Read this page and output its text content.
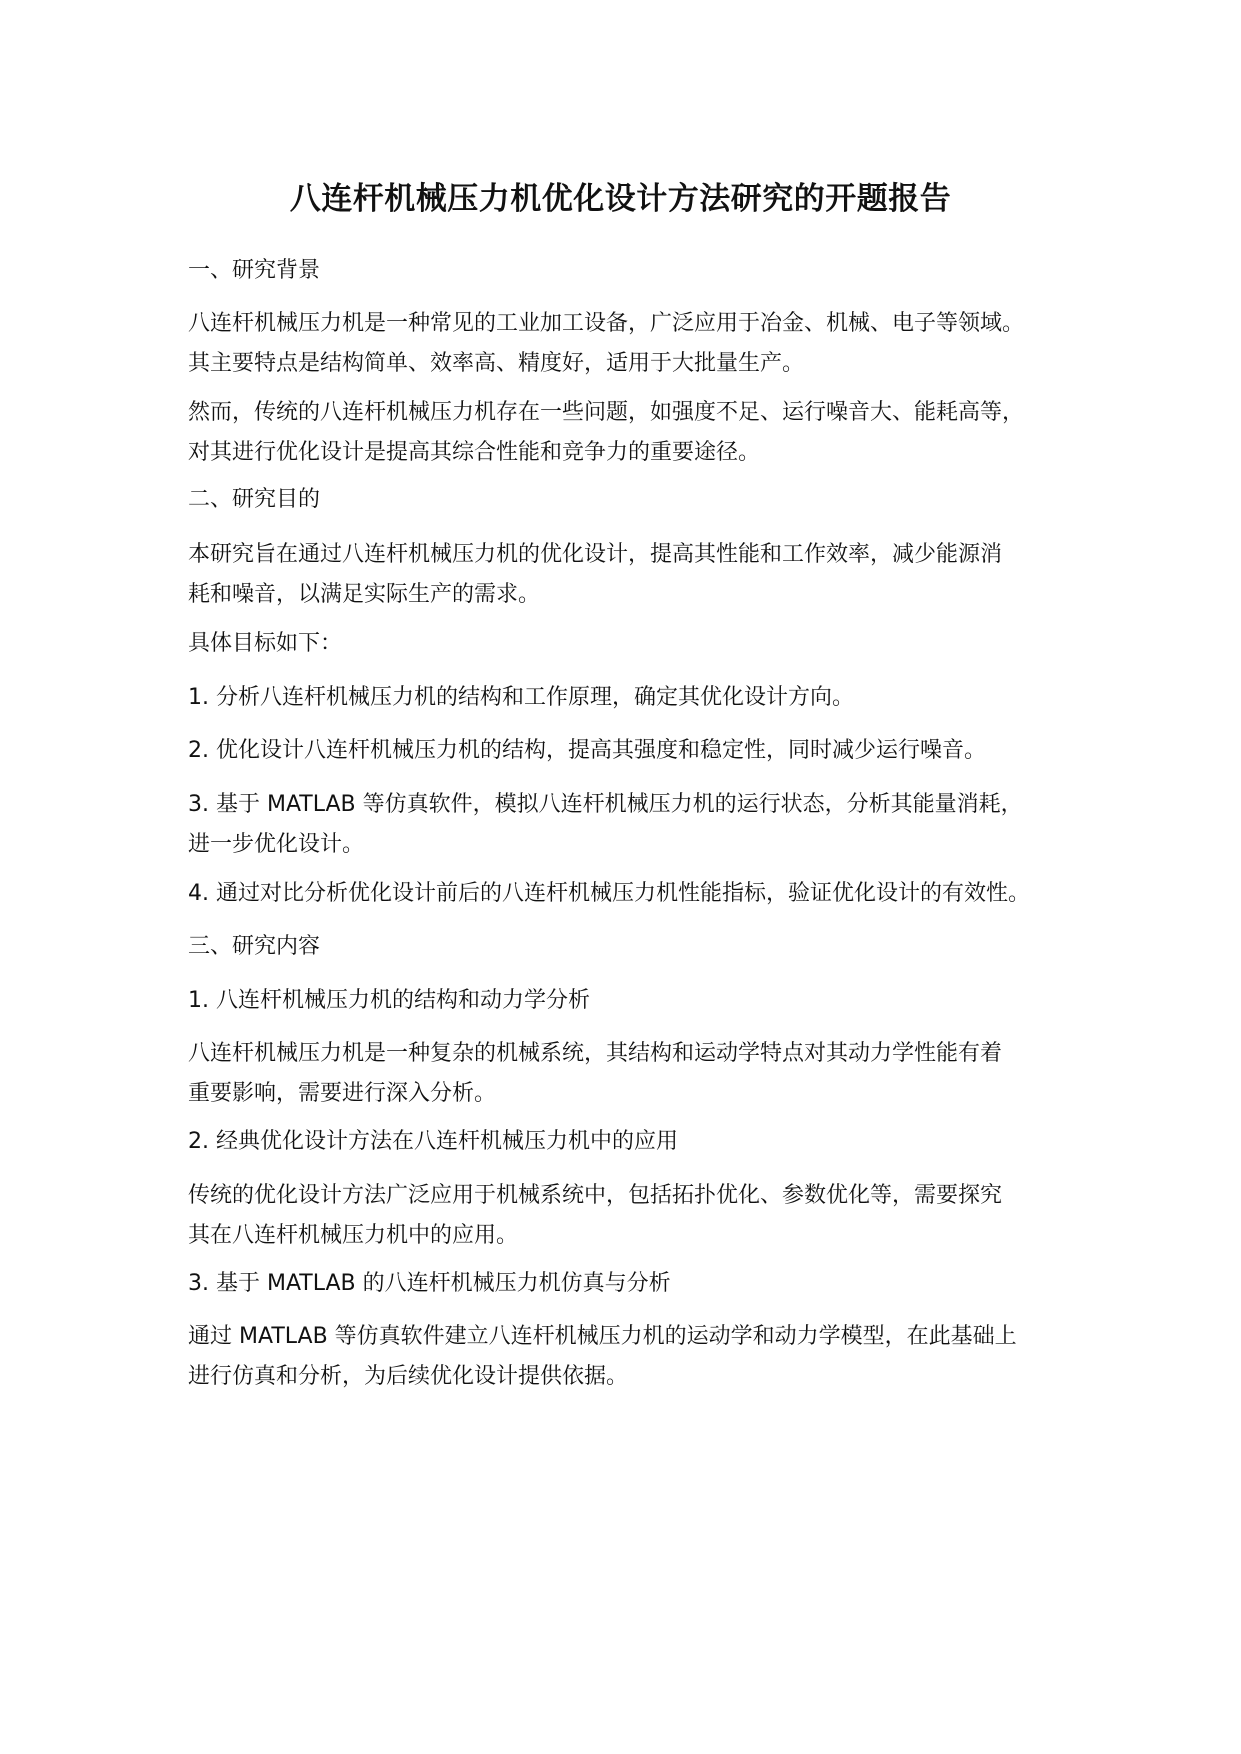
八连杆机械压力机优化设计方法研究的开题报告
一、研究背景
八连杆机械压力机是一种常见的工业加工设备，广泛应用于冶金、机械、电子等领域。
其主要特点是结构简单、效率高、精度好，适用于大批量生产。
然而，传统的八连杆机械压力机存在一些问题，如强度不足、运行噪音大、能耗高等，
对其进行优化设计是提高其综合性能和竞争力的重要途径。
二、研究目的
本研究旨在通过八连杆机械压力机的优化设计，提高其性能和工作效率，减少能源消
耗和噪音，以满足实际生产的需求。
具体目标如下：
1. 分析八连杆机械压力机的结构和工作原理，确定其优化设计方向。
2. 优化设计八连杆机械压力机的结构，提高其强度和稳定性，同时减少运行噪音。
3. 基于 MATLAB 等仿真软件，模拟八连杆机械压力机的运行状态，分析其能量消耗，
进一步优化设计。
4. 通过对比分析优化设计前后的八连杆机械压力机性能指标，验证优化设计的有效性。
三、研究内容
1. 八连杆机械压力机的结构和动力学分析
八连杆机械压力机是一种复杂的机械系统，其结构和运动学特点对其动力学性能有着
重要影响，需要进行深入分析。
2. 经典优化设计方法在八连杆机械压力机中的应用
传统的优化设计方法广泛应用于机械系统中，包括拓扑优化、参数优化等，需要探究
其在八连杆机械压力机中的应用。
3. 基于 MATLAB 的八连杆机械压力机仿真与分析
通过 MATLAB 等仿真软件建立八连杆机械压力机的运动学和动力学模型，在此基础上
进行仿真和分析，为后续优化设计提供依据。
